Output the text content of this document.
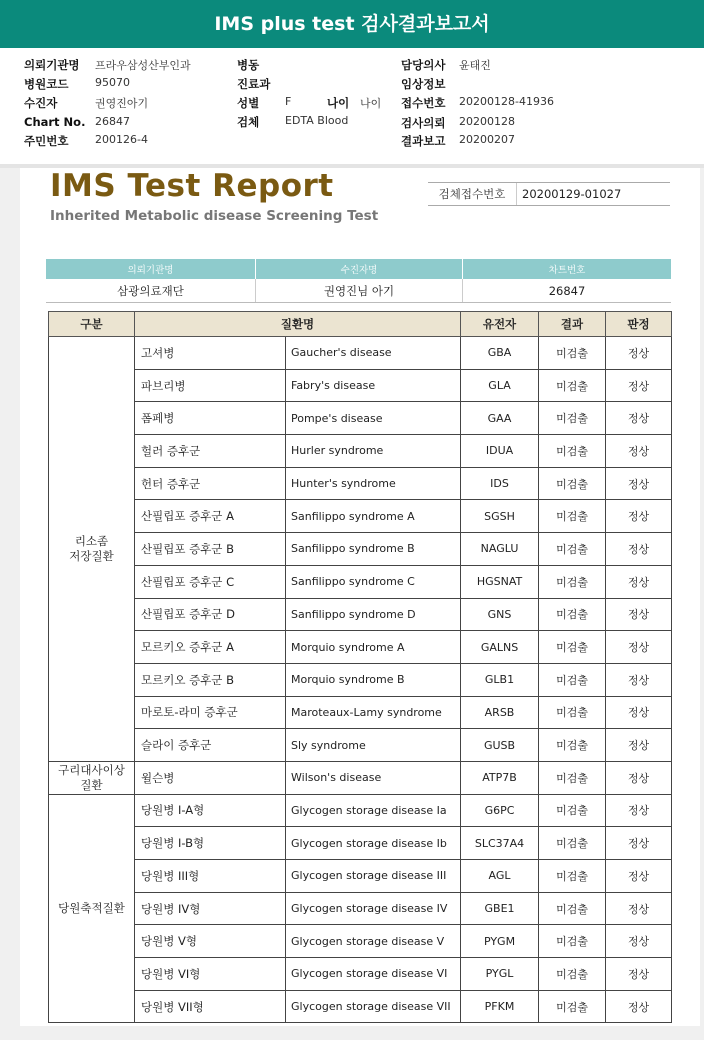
IMS plus test 검사결과보고서
의뢰기관명 프라우삼성산부인과
병원코드 95070
수진자	권영진아기
Chart No. 26847
주민번호 200126-4
병동
진료과
성별 F	나이 나이
검체 EDTA Blood
담당의사 윤태진
임상정보
접수번호 20200128-41936
검사의뢰 20200128
결과보고 20200207
IMS Test Report
Inherited Metabolic disease Screening Test
검체접수번호	20200129-01027
의뢰기관명	수진자명	차트번호
삼광의료재단	권영진님 아기	26847
구분	질환명		유전자	결과	판정
리소좀
저장질환	고셔병	Gaucher's disease	GBA	미검출	정상
	파브리병	Fabry's disease	GLA	미검출	정상
	폼페병	Pompe's disease	GAA	미검출	정상
	헐러 증후군	Hurler syndrome	IDUA	미검출	정상
	헌터 증후군	Hunter's syndrome	IDS	미검출	정상
	산필립포 증후군 A	Sanfilippo syndrome A	SGSH	미검출	정상
	산필립포 증후군 B	Sanfilippo syndrome B	NAGLU	미검출	정상
	산필립포 증후군 C	Sanfilippo syndrome C	HGSNAT	미검출	정상
	산필립포 증후군 D	Sanfilippo syndrome D	GNS	미검출	정상
	모르키오 증후군 A	Morquio syndrome A	GALNS	미검출	정상
	모르키오 증후군 B	Morquio syndrome B	GLB1	미검출	정상
	마로토-라미 증후군	Maroteaux-Lamy syndrome	ARSB	미검출	정상
	슬라이 증후군	Sly syndrome	GUSB	미검출	정상
구리대사이상
질환	윌슨병	Wilson's disease	ATP7B	미검출	정상
당원축적질환	당원병 I-A형	Glycogen storage disease Ia	G6PC	미검출	정상
	당원병 I-B형	Glycogen storage disease Ib	SLC37A4	미검출	정상
	당원병 III형	Glycogen storage disease III	AGL	미검출	정상
	당원병 IV형	Glycogen storage disease IV	GBE1	미검출	정상
	당원병 V형	Glycogen storage disease V	PYGM	미검출	정상
	당원병 VI형	Glycogen storage disease VI	PYGL	미검출	정상
	당원병 VII형	Glycogen storage disease VII	PFKM	미검출	정상
